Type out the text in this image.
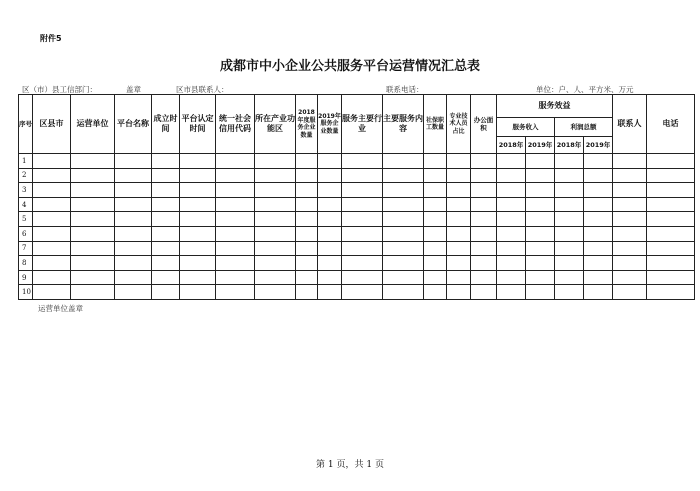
附件5
成都市中小企业公共服务平台运营情况汇总表
区（市）县工信部门：	盖章	区市县联系人：	联系电话：	单位：户、人、平方米、万元
序号	区县市	运营单位	平台名称	成立时间	平台认定时间	统一社会信用代码	所在产业功能区	2018年度服务企业数量	2019年服务企业数量	服务主要行业	主要服务内容	社保职工数量	专业技术人员占比	办公面积	服务效益				联系人	电话
															服务收入		利润总额			
															2018年	2019年	2018年	2019年		
1																				
2																				
3																				
4																				
5																				
6																				
7																				
8																				
9																				
10																				
运营单位盖章
第 1 页，共 1 页
